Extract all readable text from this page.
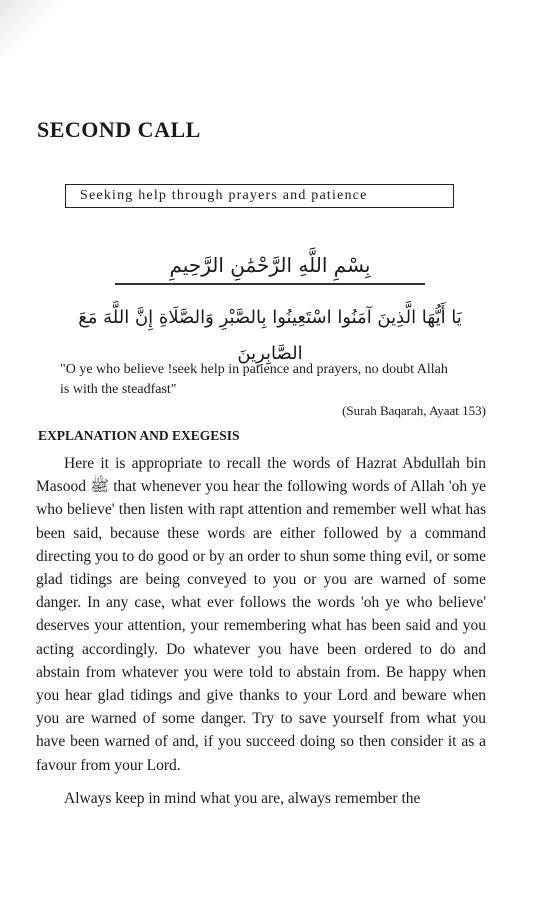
SECOND CALL
Seeking help through prayers and patience
بِسْمِ اللَّهِ الرَّحْمَٰنِ الرَّحِيمِ
يَا أَيُّهَا الَّذِينَ آمَنُوا اسْتَعِينُوا بِالصَّبْرِ وَالصَّلَاةِ إِنَّ اللَّهَ مَعَ الصَّابِرِينَ
"O ye who believe !seek help in patience and prayers, no doubt Allah is with the steadfast"
(Surah Baqarah, Ayaat 153)
EXPLANATION AND EXEGESIS

Here it is appropriate to recall the words of Hazrat Abdullah bin Masood ﷺ that whenever you hear the following words of Allah 'oh ye who believe' then listen with rapt attention and remember well what has been said, because these words are either followed by a command directing you to do good or by an order to shun some thing evil, or some glad tidings are being conveyed to you or you are warned of some danger. In any case, what ever follows the words 'oh ye who believe' deserves your attention, your remembering what has been said and you acting accordingly. Do whatever you have been ordered to do and abstain from whatever you were told to abstain from. Be happy when you hear glad tidings and give thanks to your Lord and beware when you are warned of some danger. Try to save yourself from what you have been warned of and, if you succeed doing so then consider it as a favour from your Lord.

Always keep in mind what you are, always remember the
